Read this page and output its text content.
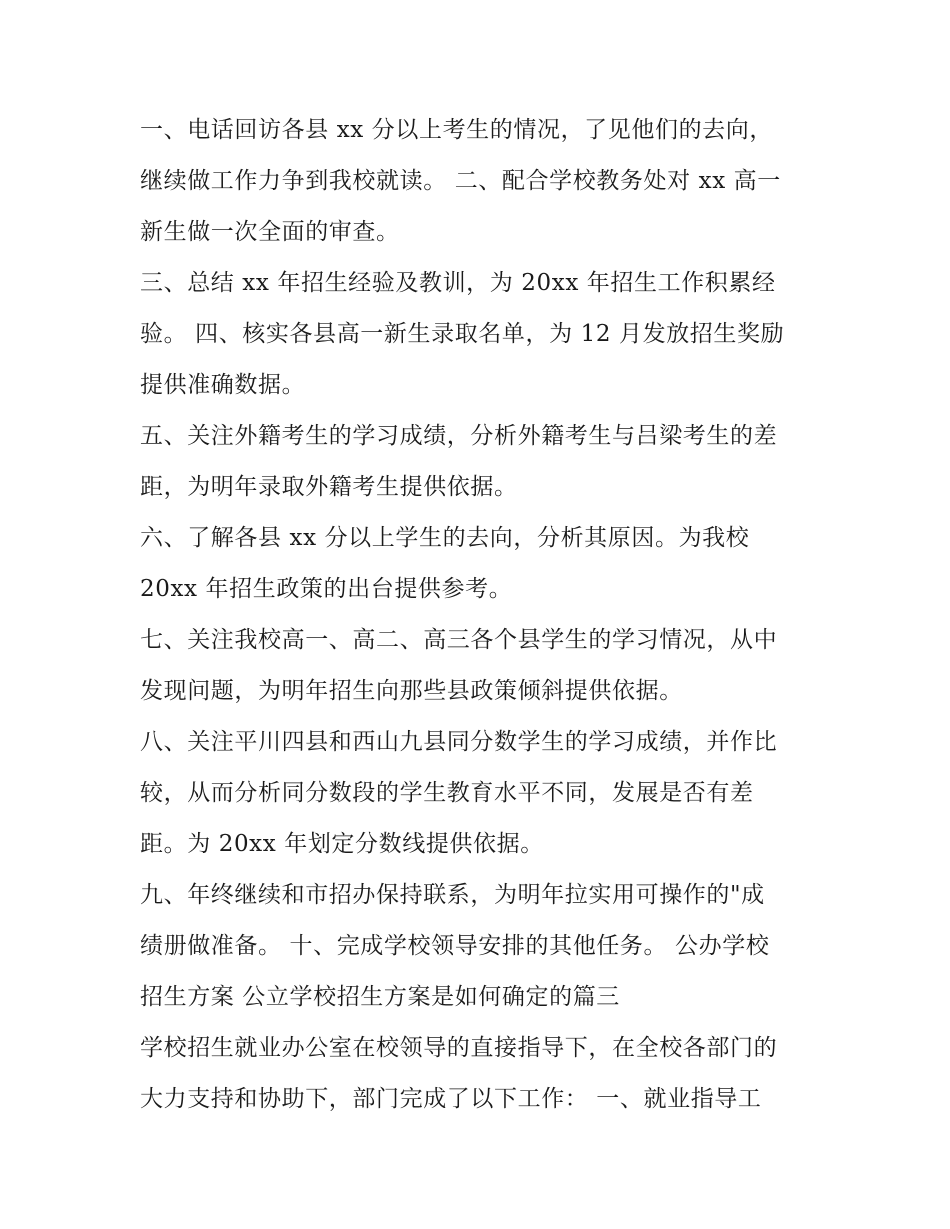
一、电话回访各县 xx 分以上考生的情况，了见他们的去向，
继续做工作力争到我校就读。 二、配合学校教务处对 xx 高一
新生做一次全面的审查。
三、总结 xx 年招生经验及教训，为 20xx 年招生工作积累经
验。 四、核实各县高一新生录取名单，为 12 月发放招生奖励
提供准确数据。
五、关注外籍考生的学习成绩，分析外籍考生与吕梁考生的差
距，为明年录取外籍考生提供依据。
六、了解各县 xx 分以上学生的去向，分析其原因。为我校
20xx 年招生政策的出台提供参考。
七、关注我校高一、高二、高三各个县学生的学习情况，从中
发现问题，为明年招生向那些县政策倾斜提供依据。
八、关注平川四县和西山九县同分数学生的学习成绩，并作比
较，从而分析同分数段的学生教育水平不同，发展是否有差
距。为 20xx 年划定分数线提供依据。
九、年终继续和市招办保持联系，为明年拉实用可操作的"成
绩册做准备。 十、完成学校领导安排的其他任务。 公办学校
招生方案 公立学校招生方案是如何确定的篇三
学校招生就业办公室在校领导的直接指导下，在全校各部门的
大力支持和协助下，部门完成了以下工作： 一、就业指导工
